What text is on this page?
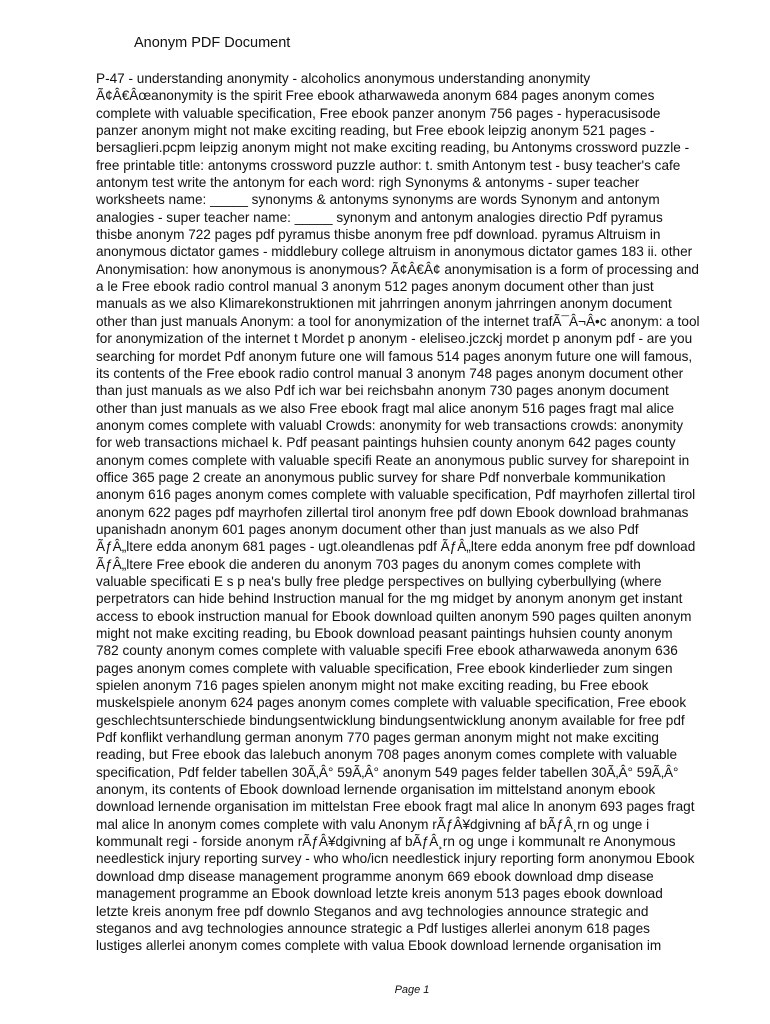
Anonym PDF Document
P-47 - understanding anonymity - alcoholics anonymous understanding anonymity
Ã¢Â€Âœanonymity is the spirit Free ebook atharwaweda anonym 684 pages anonym comes
complete with valuable specification, Free ebook panzer anonym 756 pages - hyperacusisode
panzer anonym might not make exciting reading, but Free ebook leipzig anonym 521 pages -
bersaglieri.pcpm leipzig anonym might not make exciting reading, bu Antonyms crossword puzzle -
free printable title: antonyms crossword puzzle author: t. smith Antonym test - busy teacher's cafe
antonym test write the antonym for each word: righ Synonyms & antonyms - super teacher
worksheets name: _____ synonyms & antonyms synonyms are words Synonym and antonym
analogies - super teacher name: _____ synonym and antonym analogies directio Pdf pyramus
thisbe anonym 722 pages pdf pyramus thisbe anonym free pdf download. pyramus Altruism in
anonymous dictator games - middlebury college altruism in anonymous dictator games 183 ii. other
Anonymisation: how anonymous is anonymous? Ã¢Â€Â¢ anonymisation is a form of processing and
a le Free ebook radio control manual 3 anonym 512 pages anonym document other than just
manuals as we also Klimarekonstruktionen mit jahrringen anonym jahrringen anonym document
other than just manuals Anonym: a tool for anonymization of the internet trafÃ¯Â¬Â•c anonym: a tool
for anonymization of the internet t Mordet p anonym - eleliseo.jczckj mordet p anonym pdf - are you
searching for mordet Pdf anonym future one will famous 514 pages anonym future one will famous,
its contents of the Free ebook radio control manual 3 anonym 748 pages anonym document other
than just manuals as we also Pdf ich war bei reichsbahn anonym 730 pages anonym document
other than just manuals as we also Free ebook fragt mal alice anonym 516 pages fragt mal alice
anonym comes complete with valuabl Crowds: anonymity for web transactions crowds: anonymity
for web transactions michael k. Pdf peasant paintings huhsien county anonym 642 pages county
anonym comes complete with valuable specifi Reate an anonymous public survey for sharepoint in
office 365 page 2 create an anonymous public survey for share Pdf nonverbale kommunikation
anonym 616 pages anonym comes complete with valuable specification, Pdf mayrhofen zillertal tirol
anonym 622 pages pdf mayrhofen zillertal tirol anonym free pdf down Ebook download brahmanas
upanishadn anonym 601 pages anonym document other than just manuals as we also Pdf
ÃƒÂ„ltere edda anonym 681 pages - ugt.oleandlenas pdf ÃƒÂ„ltere edda anonym free pdf download
ÃƒÂ„ltere Free ebook die anderen du anonym 703 pages du anonym comes complete with
valuable specificati E s p nea's bully free pledge perspectives on bullying cyberbullying (where
perpetrators can hide behind Instruction manual for the mg midget by anonym anonym get instant
access to ebook instruction manual for Ebook download quilten anonym 590 pages quilten anonym
might not make exciting reading, bu Ebook download peasant paintings huhsien county anonym
782 county anonym comes complete with valuable specifi Free ebook atharwaweda anonym 636
pages anonym comes complete with valuable specification, Free ebook kinderlieder zum singen
spielen anonym 716 pages spielen anonym might not make exciting reading, bu Free ebook
muskelspiele anonym 624 pages anonym comes complete with valuable specification, Free ebook
geschlechtsunterschiede bindungsentwicklung bindungsentwicklung anonym available for free pdf
Pdf konflikt verhandlung german anonym 770 pages german anonym might not make exciting
reading, but Free ebook das lalebuch anonym 708 pages anonym comes complete with valuable
specification, Pdf felder tabellen 30Ã‚Â° 59Ã‚Â° anonym 549 pages felder tabellen 30Ã‚Â° 59Ã‚Â°
anonym, its contents of Ebook download lernende organisation im mittelstand anonym ebook
download lernende organisation im mittelstan Free ebook fragt mal alice ln anonym 693 pages fragt
mal alice ln anonym comes complete with valu Anonym rÃƒÂ¥dgivning af bÃƒÂ¸rn og unge i
kommunalt regi - forside anonym rÃƒÂ¥dgivning af bÃƒÂ¸rn og unge i kommunalt re Anonymous
needlestick injury reporting survey - who who/icn needlestick injury reporting form anonymou Ebook
download dmp disease management programme anonym 669 ebook download dmp disease
management programme an Ebook download letzte kreis anonym 513 pages ebook download
letzte kreis anonym free pdf downlo Steganos and avg technologies announce strategic and
steganos and avg technologies announce strategic a Pdf lustiges allerlei anonym 618 pages
lustiges allerlei anonym comes complete with valua Ebook download lernende organisation im
Page 1
